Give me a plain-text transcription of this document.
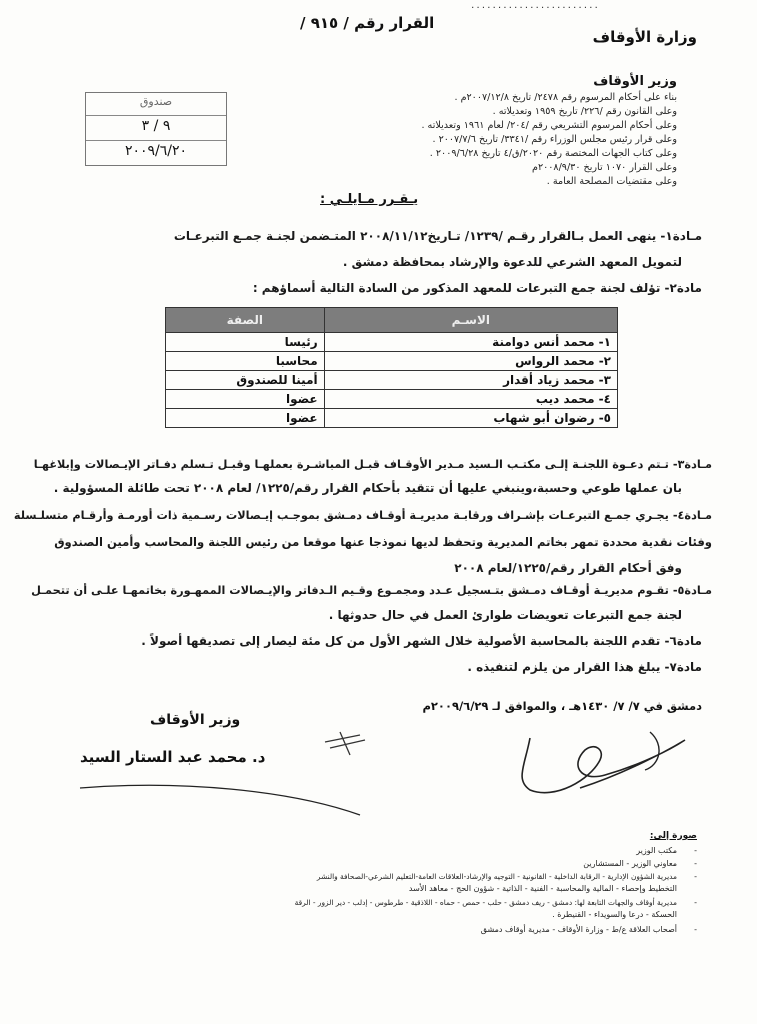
٠٠٠٠٠٠٠٠٠٠٠٠٠٠٠٠٠٠٠٠٠٠٠٠
وزارة الأوقاف
القرار رقم / ٩١٥ /
صندوق
٩ / ٣
٢٠٠٩/٦/٢٠
وزير الأوقاف
بناء على أحكام المرسوم رقم ٢٤٧٨/ تاريخ ٢٠٠٧/١٢/٨م .
وعلى القانون رقم /٢٢٦/ تاريخ ١٩٥٩ وتعديلاته .
وعلى أحكام المرسوم التشريعي رقم /٢٠٤/ لعام ١٩٦١ وتعديلاته .
وعلى قرار رئيس مجلس الوزراء رقم /٣٣٤١/ تاريخ ٢٠٠٧/٧/٦ .
وعلى كتاب الجهات المختصة رقم ٢٠٢٠/ق/٤ تاريخ ٢٠٠٩/٦/٢٨ .
وعلى القرار ١٠٧٠ تاريخ ٢٠٠٨/٩/٣٠م
وعلى مقتضيات المصلحة العامة .
يـقـرر مـايلـي :
مـادة١- ينهى العمل بـالقرار رقـم /١٢٣٩/ تـاريخ٢٠٠٨/١١/١٢ المتـضمن لجنـة جمـع التبرعـات
لتمويل المعهد الشرعي للدعوة والإرشاد بمحافظة دمشق .
مادة٢- تؤلف لجنة جمع التبرعات للمعهد المذكور من السادة التالية أسماؤهم :
الاسـم	الصفة
١- محمد أنس دوامنة	رئيسا
٢- محمد الرواس	محاسبا
٣- محمد زياد أقدار	أمينا للصندوق
٤- محمد ديب	عضوا
٥- رضوان أبو شهاب	عضوا
مـادة٣- تـتم دعـوة اللجنـة إلـى مكتـب الـسيد مـدير الأوقـاف قبـل المباشـرة بعملهـا وقبـل تـسلم دفـاتر الإيـصالات وإبلاغهـا
بان عملها طوعي وحسبة،وينبغي عليها أن تتقيد بأحكام القرار رقم/١٢٢٥/ لعام ٢٠٠٨ تحت طائلة المسؤولية .
مـادة٤- يجـري جمـع التبرعـات بإشـراف ورقابـة مديريـة أوقـاف دمـشق بموجـب إيـصالات رسـمية ذات أورمـة وأرقـام متسلـسلة
وفئات نقدية محددة تمهر بخاتم المديرية وتحفظ لديها نموذجا عنها موقعا من رئيس اللجنة والمحاسب وأمين الصندوق
وفق أحكام القرار رقم/١٢٢٥/لعام ٢٠٠٨
مـادة٥- تقـوم مديريـة أوقـاف دمـشق بتـسجيل عـدد ومجمـوع وقـيم الـدفاتر والإيـصالات الممهـورة بخاتمهـا علـى أن تتحمـل
لجنة جمع التبرعات تعويضات طوارئ العمل في حال حدوثها .
مادة٦- تقدم اللجنة بالمحاسبة الأصولية خلال الشهر الأول من كل مئة ليصار إلى تصديقها أصولاً .
مادة٧- يبلغ هذا القرار من يلزم لتنفيذه .
دمشق في ٧/ ٧/ ١٤٣٠هـ ، والموافق لـ ٢٠٠٩/٦/٢٩م
وزير الأوقاف
د. محمد عبد الستار السيد
صورة إلى:
-
مكتب الوزير
-
معاوني الوزير - المستشارين
-
مديرية الشؤون الإدارية - الرقابة الداخلية - القانونية - التوجيه والإرشاد-العلاقات العامة-التعليم الشرعي-الصحافة والنشر
التخطيط وإحصاء - المالية والمحاسبة - الفنية - الذاتية - شؤون الحج - معاهد الأسد
-
مديرية أوقاف والجهات التابعة لها: دمشق - ريف دمشق - حلب - حمص - حماه - اللاذقية - طرطوس - إدلب - دير الزور - الرقة
الحسكة - درعا والسويداء - القنيطرة .
-
أصحاب العلاقة ع/ط - وزارة الأوقاف - مديرية أوقاف دمشق
